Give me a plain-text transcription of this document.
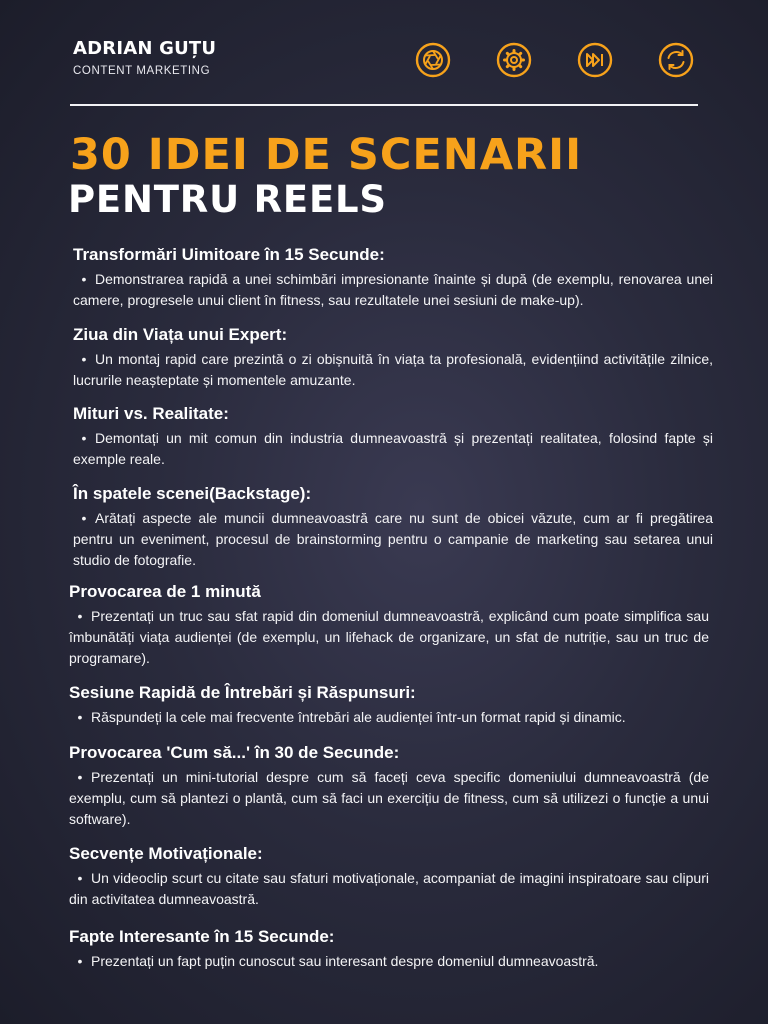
ADRIAN GUȚU
CONTENT MARKETING
30 IDEI DE SCENARII
PENTRU REELS
Transformări Uimitoare în 15 Secunde:

• Demonstrarea rapidă a unei schimbări impresionante înainte și după (de exemplu, renovarea unei camere, progresele unui client în fitness, sau rezultatele unei sesiuni de make-up).

Ziua din Viața unui Expert:

• Un montaj rapid care prezintă o zi obișnuită în viața ta profesională, evidențiind activitățile zilnice, lucrurile neașteptate și momentele amuzante.

Mituri vs. Realitate:

• Demontați un mit comun din industria dumneavoastră și prezentați realitatea, folosind fapte și exemple reale.

În spatele scenei(Backstage):

• Arătați aspecte ale muncii dumneavoastră care nu sunt de obicei văzute, cum ar fi pregătirea pentru un eveniment, procesul de brainstorming pentru o campanie de marketing sau setarea unui studio de fotografie.

Provocarea de 1 minută

• Prezentați un truc sau sfat rapid din domeniul dumneavoastră, explicând cum poate simplifica sau îmbunătăți viața audienței (de exemplu, un lifehack de organizare, un sfat de nutriție, sau un truc de programare).

Sesiune Rapidă de Întrebări și Răspunsuri:

• Răspundeți la cele mai frecvente întrebări ale audienței într-un format rapid și dinamic.

Provocarea 'Cum să...' în 30 de Secunde:

• Prezentați un mini-tutorial despre cum să faceți ceva specific domeniului dumneavoastră (de exemplu, cum să plantezi o plantă, cum să faci un exercițiu de fitness, cum să utilizezi o funcție a unui software).

Secvențe Motivaționale:

• Un videoclip scurt cu citate sau sfaturi motivaționale, acompaniat de imagini inspiratoare sau clipuri din activitatea dumneavoastră.

Fapte Interesante în 15 Secunde:

• Prezentați un fapt puțin cunoscut sau interesant despre domeniul dumneavoastră.
